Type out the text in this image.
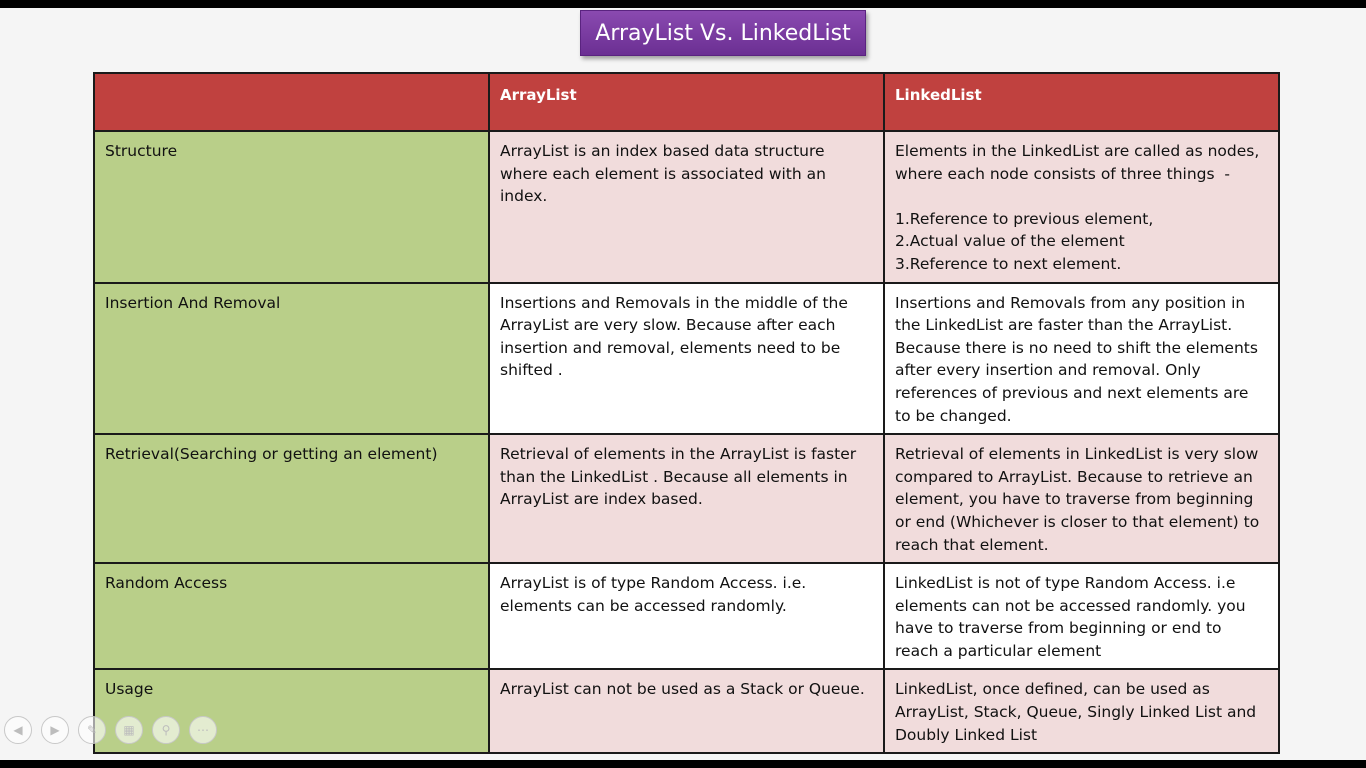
ArrayList Vs. LinkedList
	ArrayList	LinkedList
Structure	ArrayList is an index based data structure where each element is associated with an index.	Elements in the LinkedList are called as nodes, where each node consists of three things  -

1.Reference to previous element,
2.Actual value of the element
3.Reference to next element.

Insertion And Removal	Insertions and Removals in the middle of the ArrayList are very slow. Because after each insertion and removal, elements need to be shifted .	Insertions and Removals from any position in the LinkedList are faster than the ArrayList. Because there is no need to shift the elements after every insertion and removal. Only references of previous and next elements are to be changed.

Retrieval(Searching or getting an element)	Retrieval of elements in the ArrayList is faster than the LinkedList . Because all elements in ArrayList are index based.	Retrieval of elements in LinkedList is very slow compared to ArrayList. Because to retrieve an element, you have to traverse from beginning or end (Whichever is closer to that element) to reach that element.

Random Access	ArrayList is of type Random Access. i.e. elements can be accessed randomly.	LinkedList is not of type Random Access. i.e elements can not be accessed randomly. you have to traverse from beginning or end to reach a particular element

Usage	ArrayList can not be used as a Stack or Queue.	LinkedList, once defined, can be used as ArrayList, Stack, Queue, Singly Linked List and Doubly Linked List
◀ ▶ ✎ ▦ ⚲ ⋯
